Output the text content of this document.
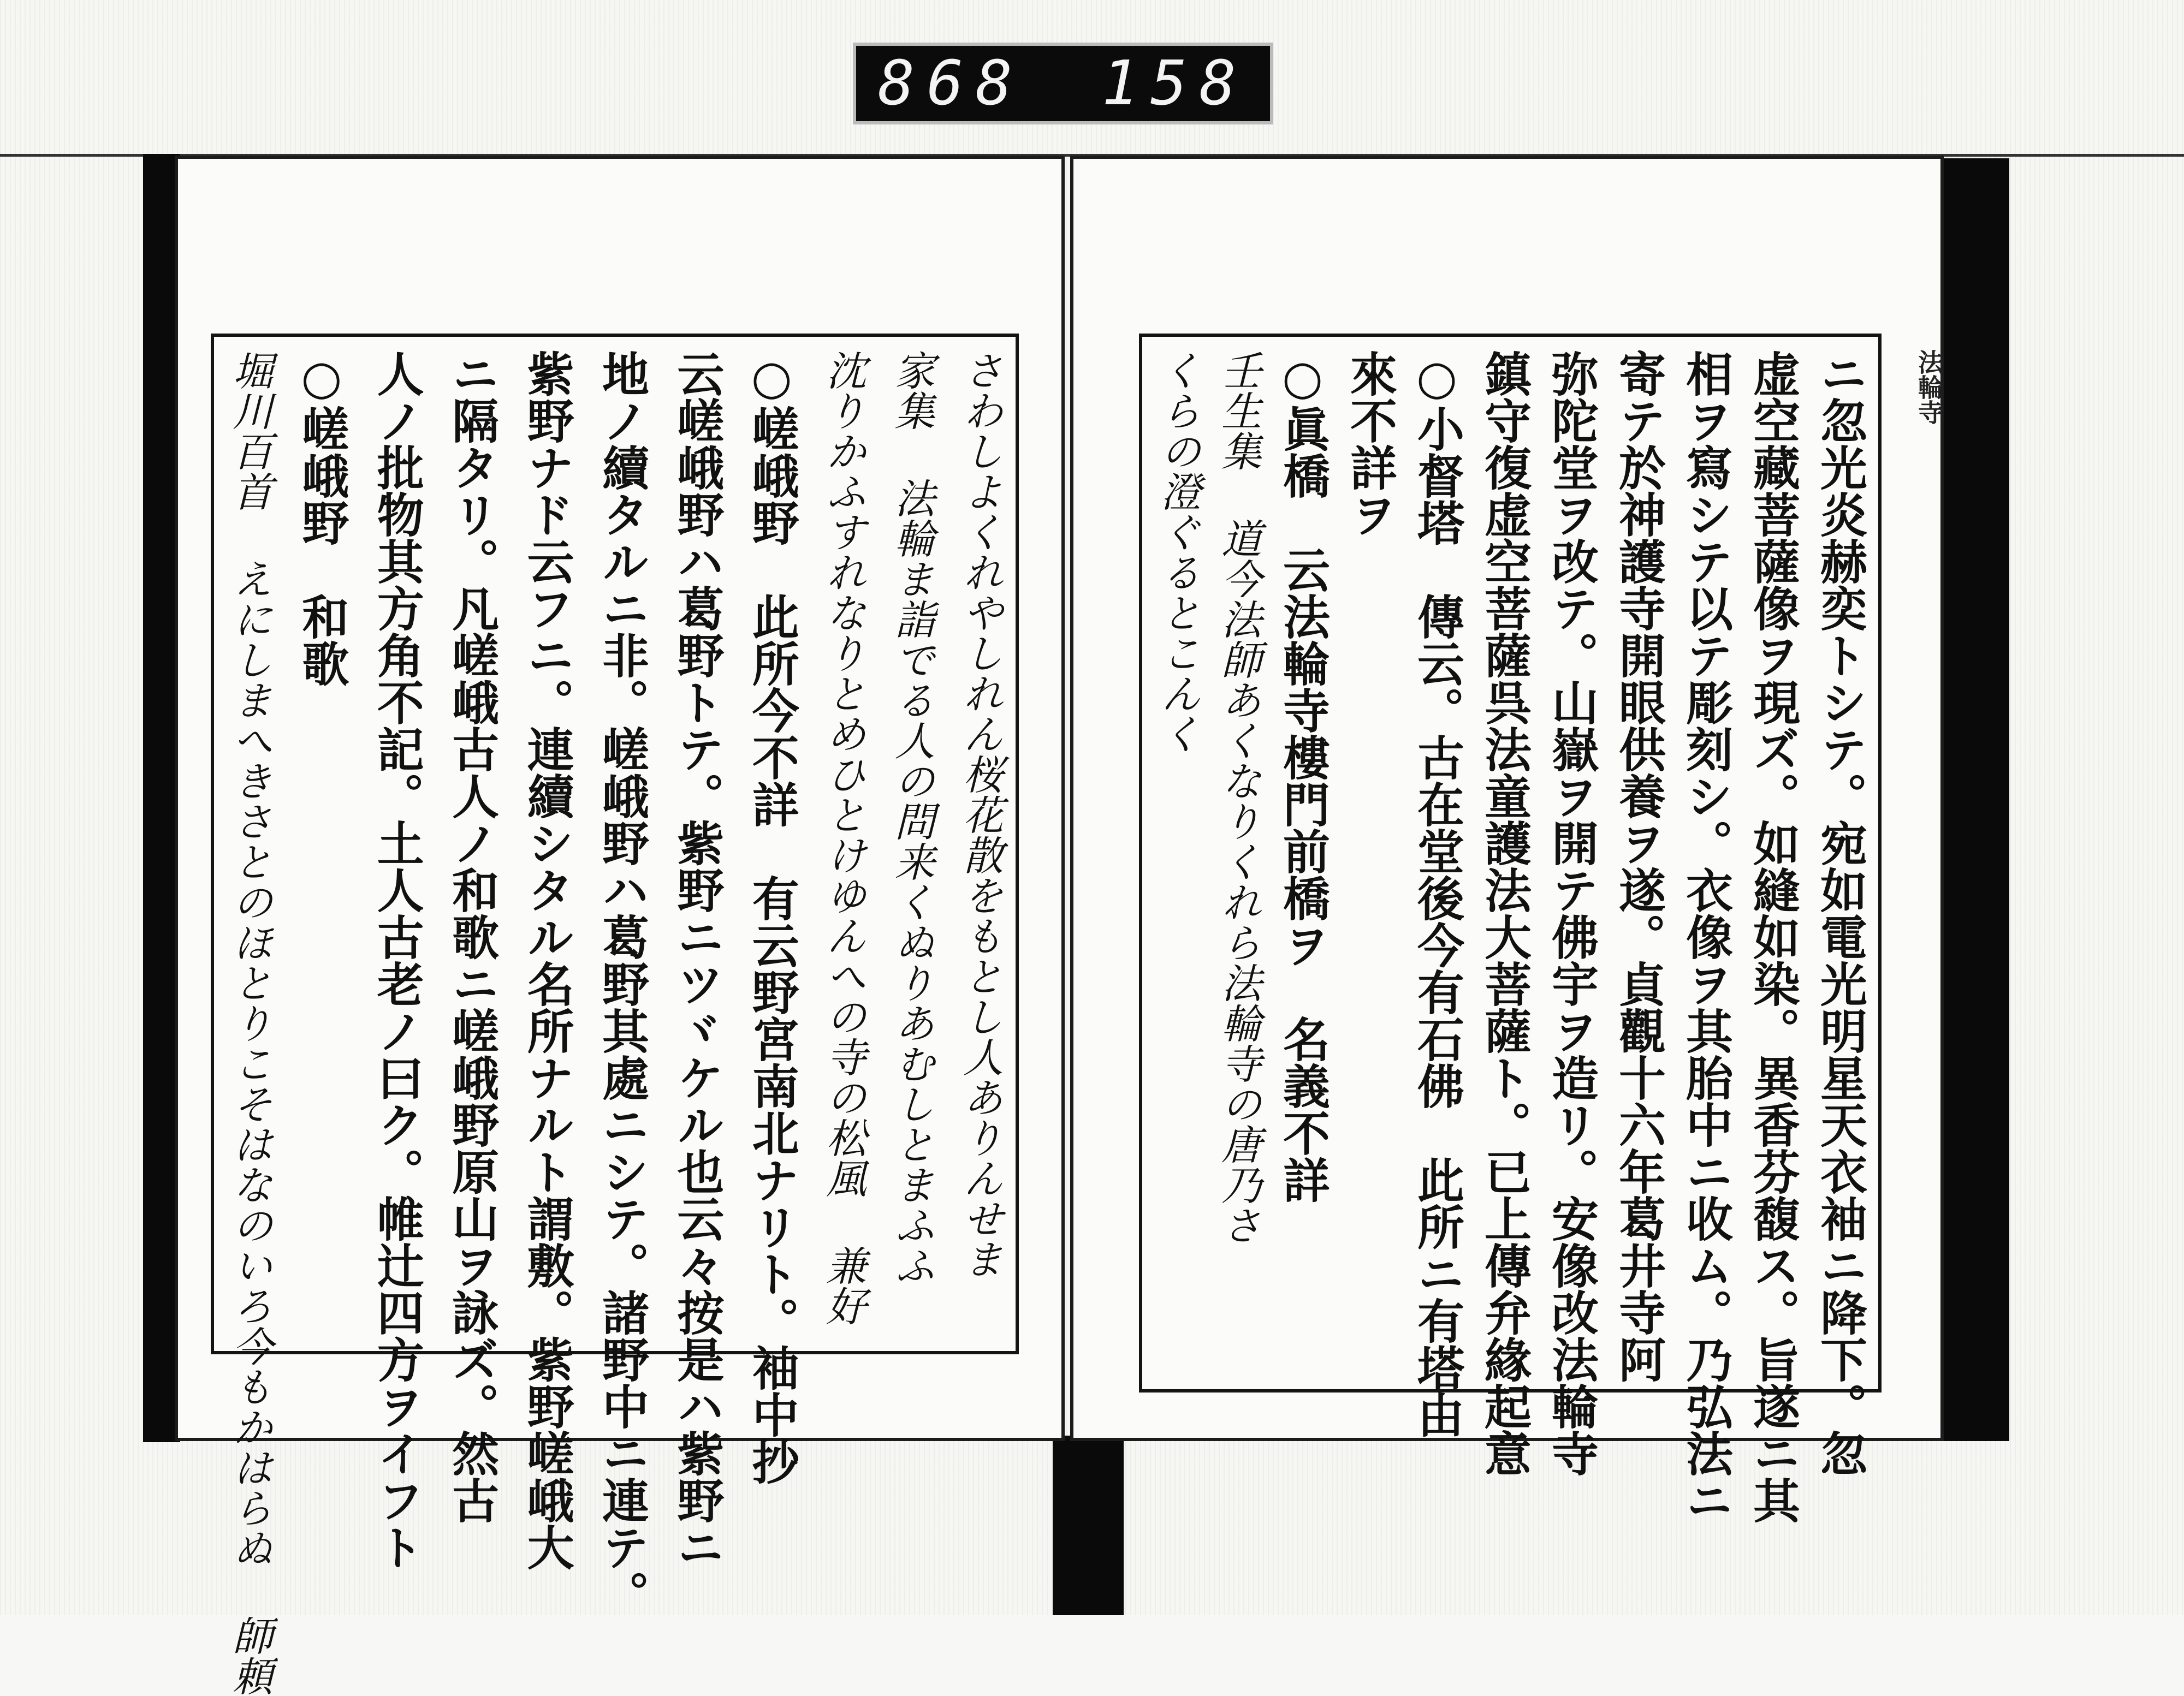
868 158
さわしよくれやしれん桜花散をもとし人ありんせま
家集 法輪ま詣でる人の問来くぬりあむしとまふふ
沈りかふすれなりとめひとけゆんへの寺の松風 兼好
○嵯峨野　此所今不詳　有云野宮南北ナリト。袖中抄
云嵯峨野ハ葛野トテ。紫野ニツヾケル也云々按是ハ紫野ニ
地ノ續タルニ非。嵯峨野ハ葛野其處ニシテ。諸野中ニ連テ。
紫野ナド云フニ。連續シタル名所ナルト謂敷。紫野嵯峨大
ニ隔タリ。凡嵯峨古人ノ和歌ニ嵯峨野原山ヲ詠ズ。然古
人ノ批物其方角不記。土人古老ノ曰ク。帷辻四方ヲイフト
○嵯峨野　和歌
堀川百首 えにしまへきさとのほとりこそはなのいろ今もかはらぬ 師頼	ニ忽光炎赫奕トシテ。宛如電光明星天衣袖ニ降下。忽
虚空藏菩薩像ヲ現ズ。如縫如染。異香芬馥ス。旨遂ニ其
相ヲ寫シテ以テ彫刻シ。衣像ヲ其胎中ニ收ム。乃弘法ニ
寄テ於神護寺開眼供養ヲ遂。貞觀十六年葛井寺阿
弥陀堂ヲ改テ。山嶽ヲ開テ佛宇ヲ造リ。安像改法輪寺
鎮守復虚空菩薩呉法童護法大菩薩ト。已上傳弁緣起意
○小督塔　傳云。古在堂後今有石佛　此所ニ有塔由
來不詳ヲ
○眞橋　云法輪寺樓門前橋ヲ　名義不詳
壬生集 道今法師あくなりくれら法輪寺の唐乃さ
くらの澄ぐるとこんく	法輪寺
